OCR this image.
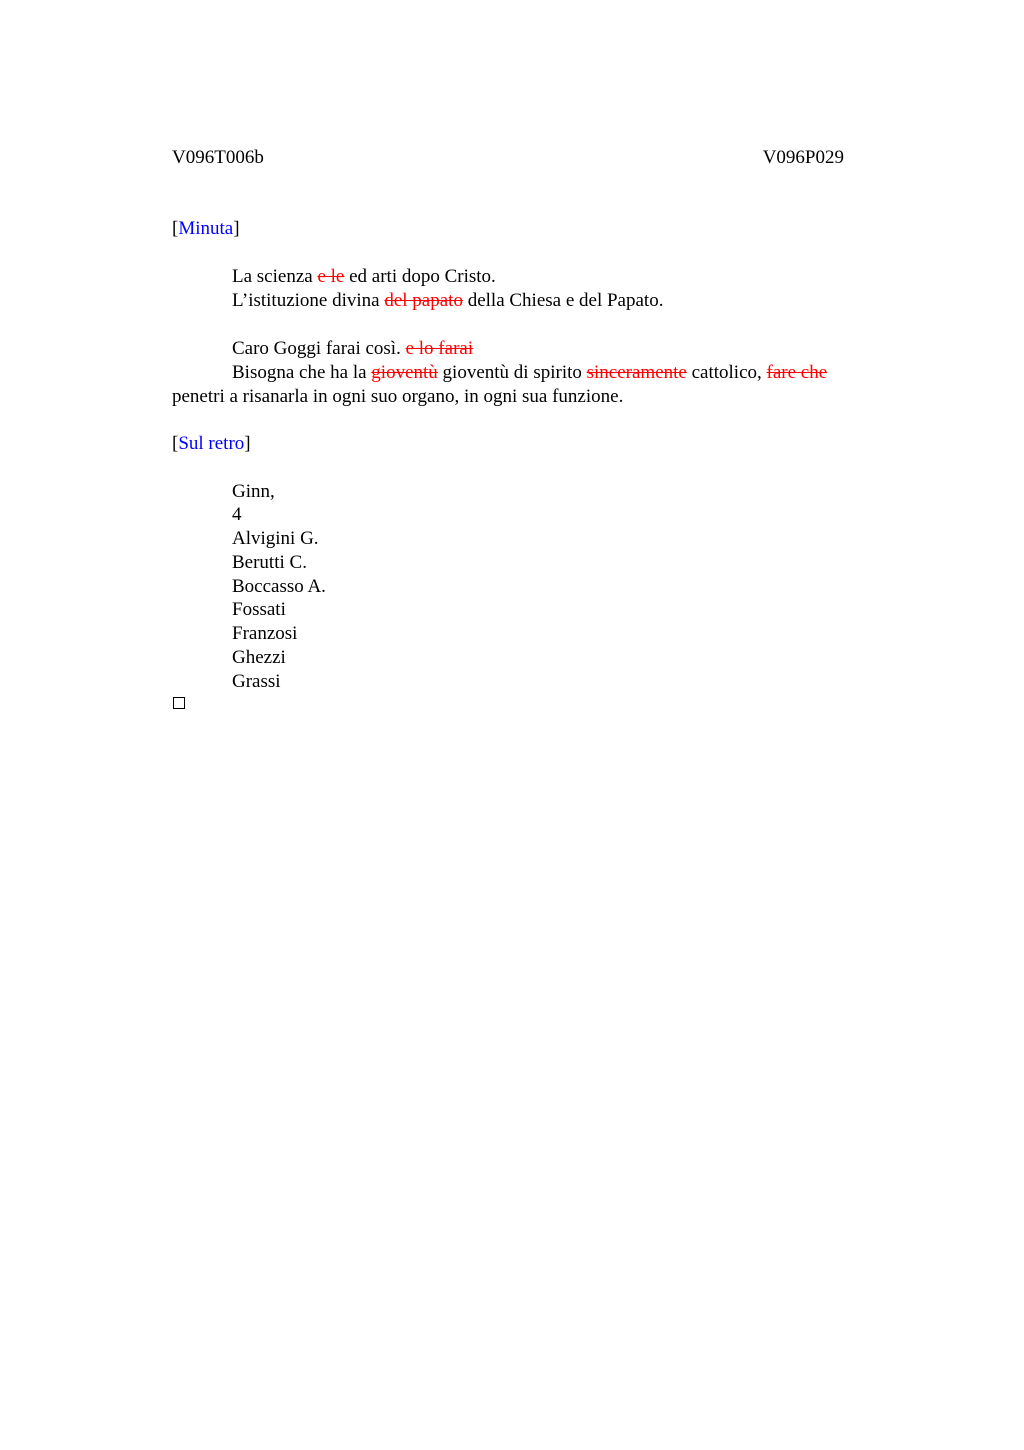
V096T006b	V096P029
[Minuta]
La scienza e le ed arti dopo Cristo.
L’istituzione divina del papato della Chiesa e del Papato.
Caro Goggi farai così. e lo farai
Bisogna che ha la gioventù gioventù di spirito sinceramente cattolico, fare che
penetri a risanarla in ogni suo organo, in ogni sua funzione.
[Sul retro]
Ginn,
4
Alvigini G.
Berutti C.
Boccasso A.
Fossati
Franzosi
Ghezzi
Grassi
